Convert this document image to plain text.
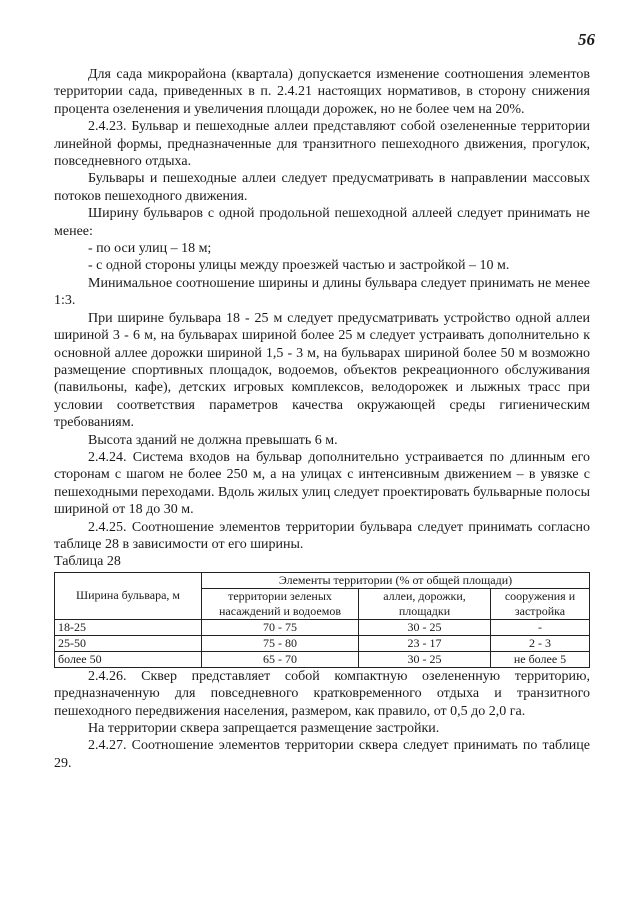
56

Для сада микрорайона (квартала) допускается изменение соотношения элементов территории сада, приведенных в п. 2.4.21 настоящих нормативов, в сторону снижения процента озеленения и увеличения площади дорожек, но не более чем на 20%.

2.4.23. Бульвар и пешеходные аллеи представляют собой озелененные территории линейной формы, предназначенные для транзитного пешеходного движения, прогулок, повседневного отдыха.

Бульвары и пешеходные аллеи следует предусматривать в направлении массовых потоков пешеходного движения.

Ширину бульваров с одной продольной пешеходной аллеей следует принимать не менее:

- по оси улиц – 18 м;

- с одной стороны улицы между проезжей частью и застройкой – 10 м.

Минимальное соотношение ширины и длины бульвара следует принимать не менее 1:3.

При ширине бульвара 18 - 25 м следует предусматривать устройство одной аллеи шириной 3 - 6 м, на бульварах шириной более 25 м следует устраивать дополнительно к основной аллее дорожки шириной 1,5 - 3 м, на бульварах шириной более 50 м возможно размещение спортивных площадок, водоемов, объектов рекреационного обслуживания (павильоны, кафе), детских игровых комплексов, велодорожек и лыжных трасс при условии соответствия параметров качества окружающей среды гигиеническим требованиям.

Высота зданий не должна превышать 6 м.

2.4.24. Система входов на бульвар дополнительно устраивается по длинным его сторонам с шагом не более 250 м, а на улицах с интенсивным движением – в увязке с пешеходными переходами. Вдоль жилых улиц следует проектировать бульварные полосы шириной от 18 до 30 м.

2.4.25. Соотношение элементов территории бульвара следует принимать согласно таблице 28 в зависимости от его ширины.

Таблица 28

Ширина бульвара, м	Элементы территории (% от общей площади)		
	территории зеленых насаждений и водоемов	аллеи, дорожки, площадки	сооружения и застройка
18-25	70 - 75	30 - 25	-
25-50	75 - 80	23 - 17	2 - 3
более 50	65 - 70	30 - 25	не более 5

2.4.26. Сквер представляет собой компактную озелененную территорию, предназначенную для повседневного кратковременного отдыха и транзитного пешеходного передвижения населения, размером, как правило, от 0,5 до 2,0 га.

На территории сквера запрещается размещение застройки.

2.4.27. Соотношение элементов территории сквера следует принимать по таблице 29.
